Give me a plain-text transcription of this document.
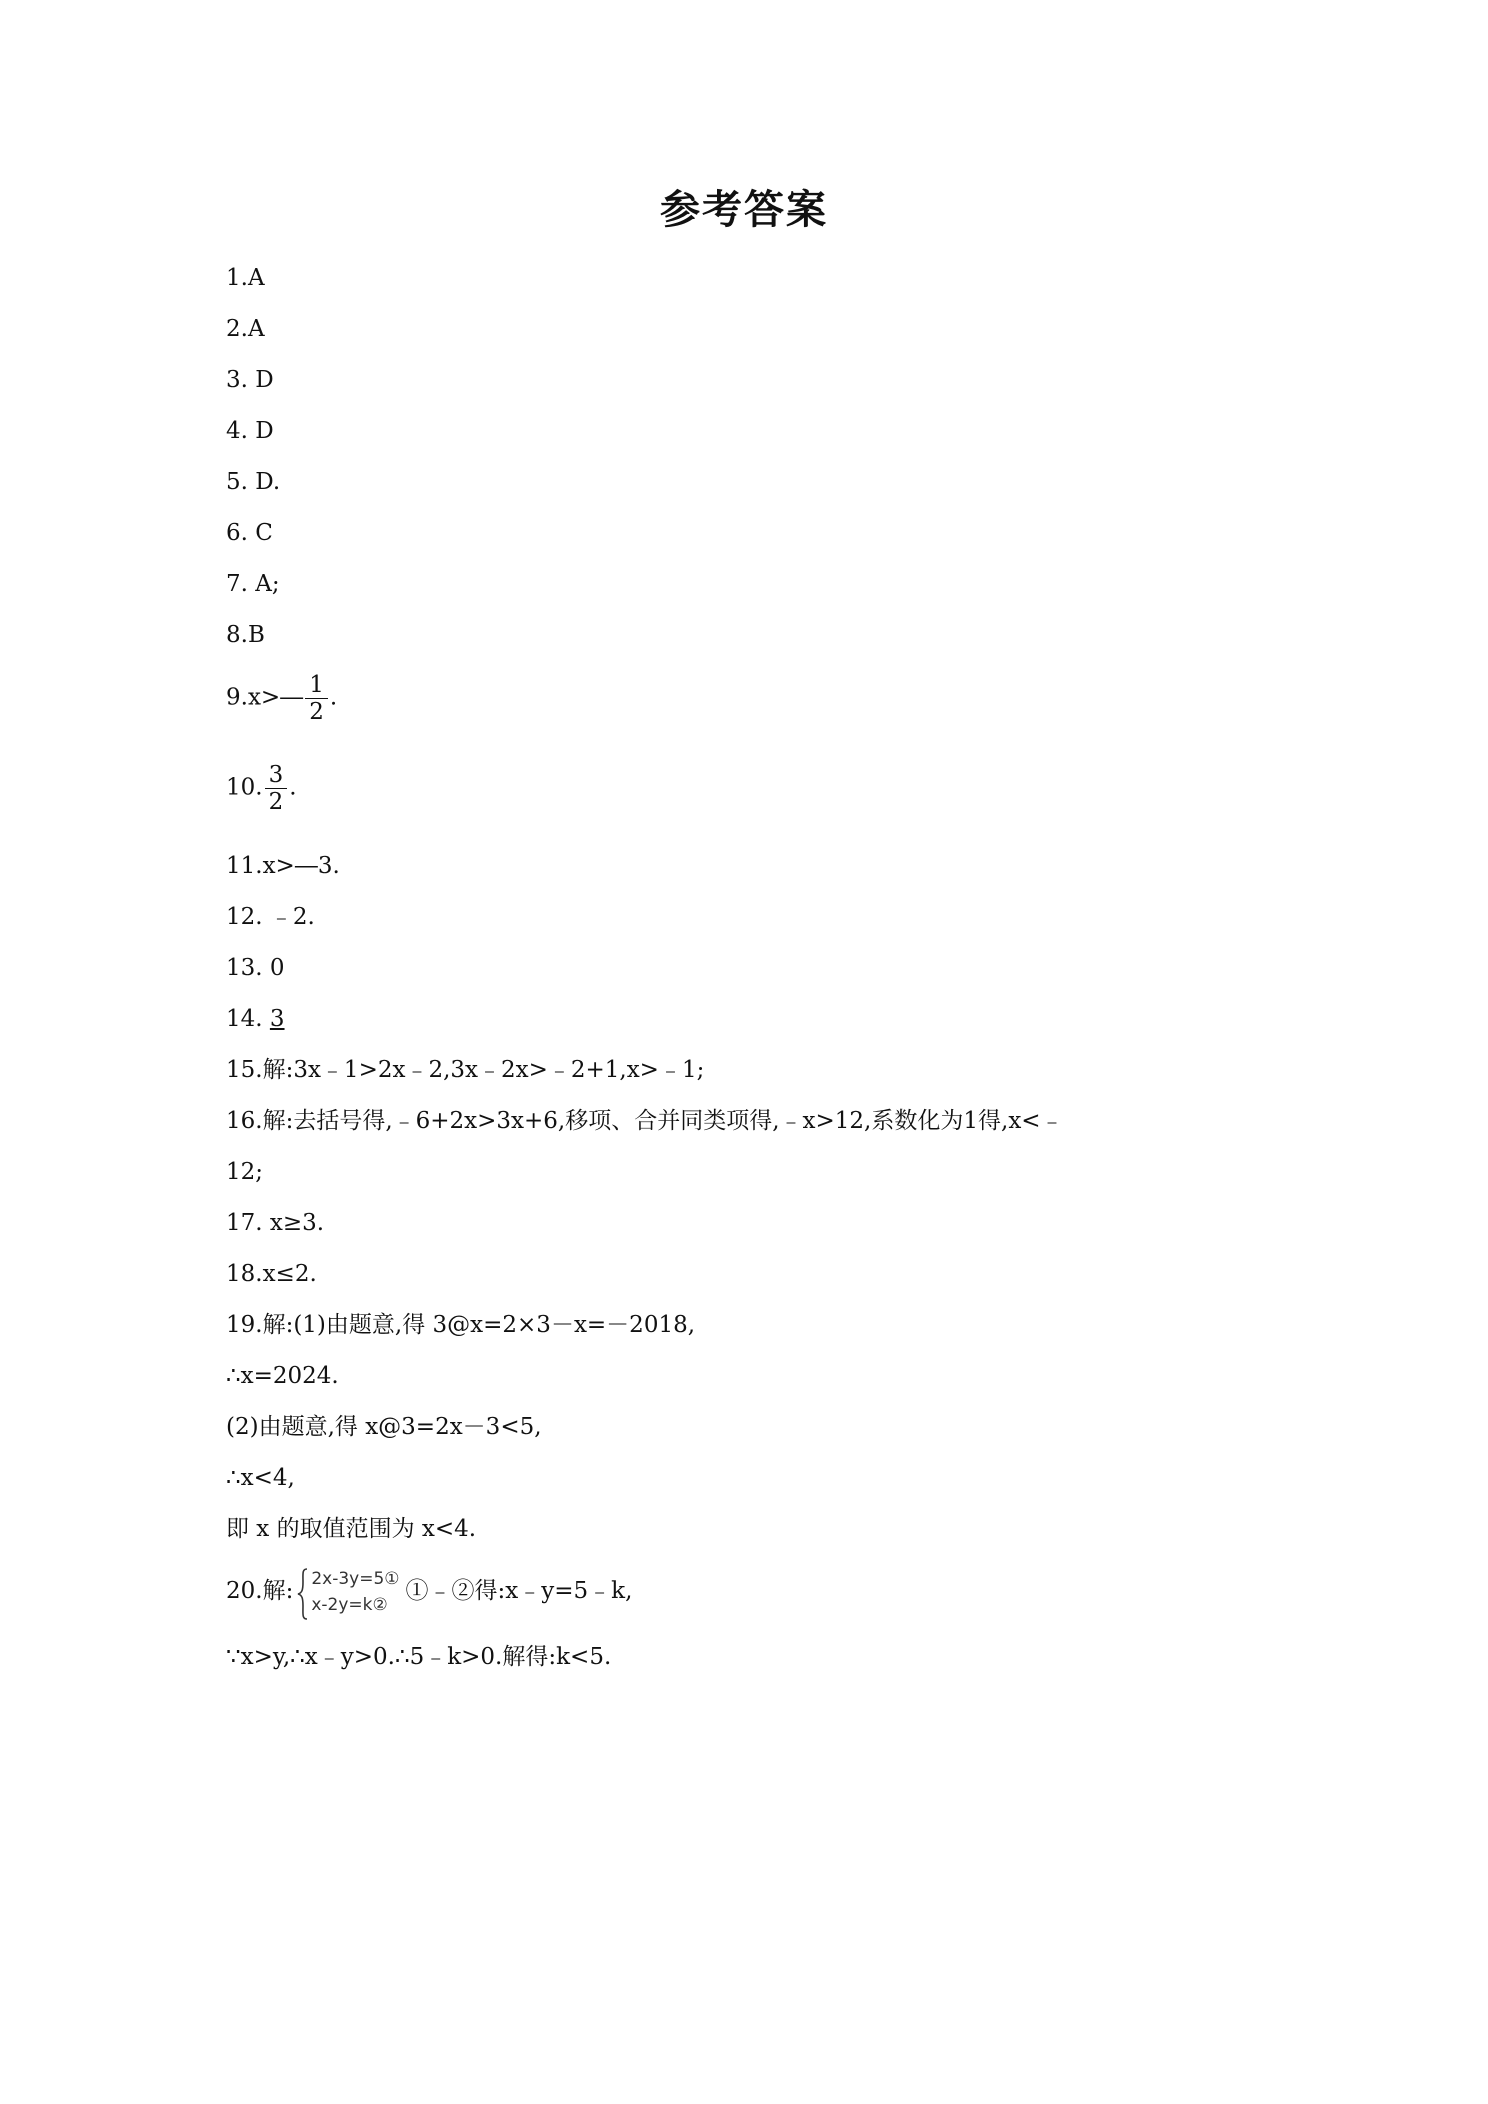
参考答案
1.A
2.A
3. D
4. D
5. D.
6. C
7. A;
8.B
9.x>― $\frac{1}{2}$ .
10. $\frac{3}{2}$ .
11.x>―3.
12. ﹣2.
13. 0
14. 3
15.解:3x﹣1>2x﹣2,3x﹣2x>﹣2+1,x>﹣1;
16.解:去括号得,﹣6+2x>3x+6,移项、合并同类项得,﹣x>12,系数化为1得,x<﹣
12;
17. x≥3.
18.x≤2.
19.解:(1)由题意,得 3@x=2×3－x=－2018,
∴x=2024.
(2)由题意,得 x@3=2x－3<5,
∴x<4,
即 x 的取值范围为 x<4.
20.解: 2x-3y=5①
x-2y=k②
①﹣②得:x﹣y=5﹣k,
∵x>y,∴x﹣y>0.∴5﹣k>0.解得:k<5.
